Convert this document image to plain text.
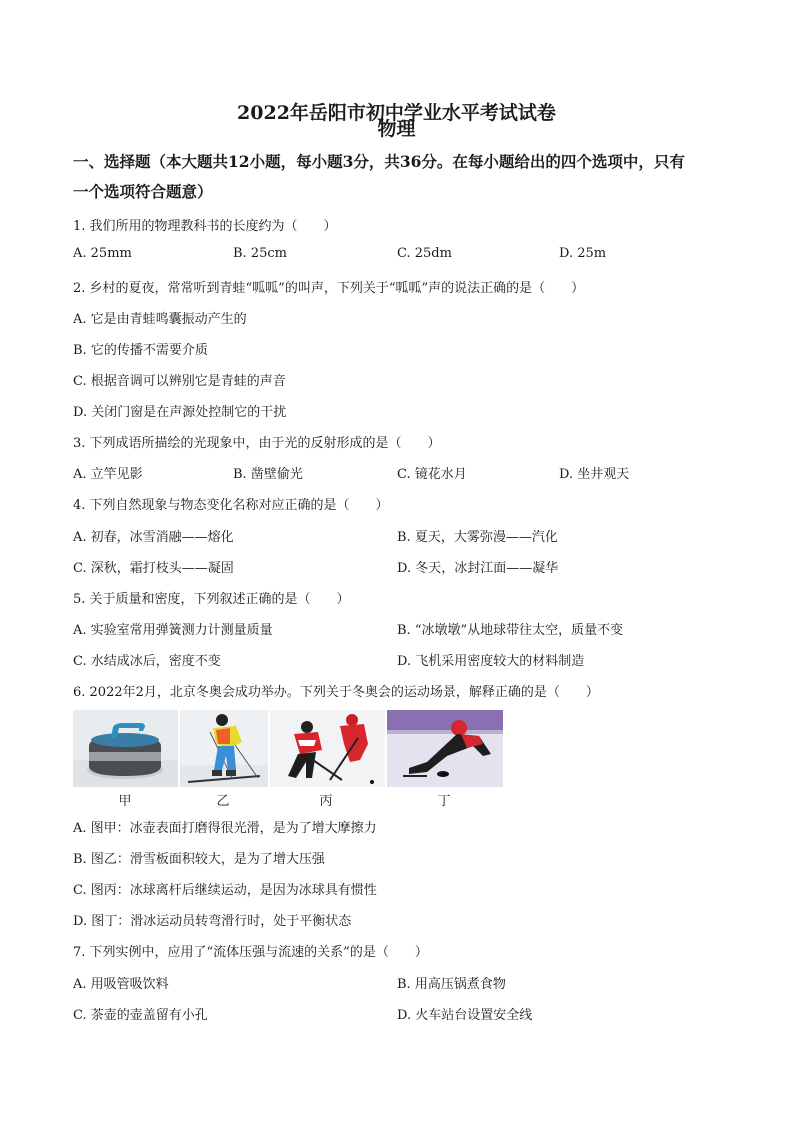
2022年岳阳市初中学业水平考试试卷
物理
一、选择题（本大题共12小题，每小题3分，共36分。在每小题给出的四个选项中，只有
一个选项符合题意）
1. 我们所用的物理教科书的长度约为（　　）
A. 25mm	B. 25cm	C. 25dm	D. 25m
2. 乡村的夏夜，常常听到青蛙“呱呱”的叫声，下列关于“呱呱”声的说法正确的是（　　）
A. 它是由青蛙鸣囊振动产生的
B. 它的传播不需要介质
C. 根据音调可以辨别它是青蛙的声音
D. 关闭门窗是在声源处控制它的干扰
3. 下列成语所描绘的光现象中，由于光的反射形成的是（　　）
A. 立竿见影	B. 凿壁偷光	C. 镜花水月	D. 坐井观天
4. 下列自然现象与物态变化名称对应正确的是（　　）
A. 初春，冰雪消融——熔化	B. 夏天，大雾弥漫——汽化
C. 深秋，霜打枝头——凝固	D. 冬天，冰封江面——凝华
5. 关于质量和密度，下列叙述正确的是（　　）
A. 实验室常用弹簧测力计测量质量	B. “冰墩墩”从地球带往太空，质量不变
C. 水结成冰后，密度不变	D. 飞机采用密度较大的材料制造
6. 2022年2月，北京冬奥会成功举办。下列关于冬奥会的运动场景，解释正确的是（　　）
甲	乙	丙	丁
A. 图甲：冰壶表面打磨得很光滑，是为了增大摩擦力
B. 图乙：滑雪板面积较大，是为了增大压强
C. 图丙：冰球离杆后继续运动，是因为冰球具有惯性
D. 图丁：滑冰运动员转弯滑行时，处于平衡状态
7. 下列实例中，应用了“流体压强与流速的关系”的是（　　）
A. 用吸管吸饮料	B. 用高压锅煮食物
C. 茶壶的壶盖留有小孔	D. 火车站台设置安全线
